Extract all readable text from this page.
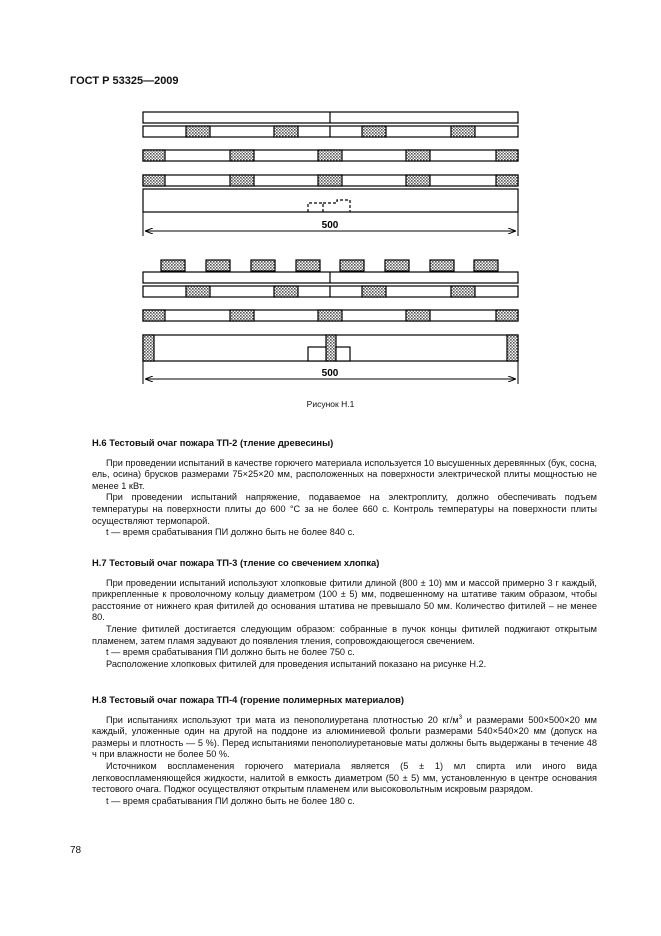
ГОСТ Р 53325—2009
500
500
Рисунок Н.1
Н.6 Тестовый очаг пожара ТП-2 (тление древесины)

При проведении испытаний в качестве горючего материала используется 10 высушенных деревянных (бук, сосна, ель, осина) брусков размерами 75×25×20 мм, расположенных на поверхности электрической плиты мощностью не менее 1 кВт.

При проведении испытаний напряжение, подаваемое на электроплиту, должно обеспечивать подъем температуры на поверхности плиты до 600 °С за не более 660 с. Контроль температуры на поверхности плиты осуществляют термопарой.

t — время срабатывания ПИ должно быть не более 840 с.

Н.7 Тестовый очаг пожара ТП-3 (тление со свечением хлопка)

При проведении испытаний используют хлопковые фитили длиной (800 ± 10) мм и массой примерно 3 г каждый, прикрепленные к проволочному кольцу диаметром (100 ± 5) мм, подвешенному на штативе таким образом, чтобы расстояние от нижнего края фитилей до основания штатива не превышало 50 мм. Количество фитилей – не менее 80.

Тление фитилей достигается следующим образом: собранные в пучок концы фитилей поджигают открытым пламенем, затем пламя задувают до появления тления, сопровождающегося свечением.

t — время срабатывания ПИ должно быть не более 750 с.

Расположение хлопковых фитилей для проведения испытаний показано на рисунке Н.2.

Н.8 Тестовый очаг пожара ТП-4 (горение полимерных материалов)

При испытаниях используют три мата из пенополиуретана плотностью 20 $кг/м^3$ и размерами 500×500×20 мм каждый, уложенные один на другой на поддоне из алюминиевой фольги размерами 540×540×20 мм (допуск на размеры и плотность — 5 %). Перед испытаниями пенополиуретановые маты должны быть выдержаны в течение 48 ч при влажности не более 50 %.

Источником воспламенения горючего материала является (5 ± 1) мл спирта или иного вида легковоспламеняющейся жидкости, налитой в емкость диаметром (50 ± 5) мм, установленную в центре основания тестового очага. Поджог осуществляют открытым пламенем или высоковольтным искровым разрядом.

t — время срабатывания ПИ должно быть не более 180 с.

78
